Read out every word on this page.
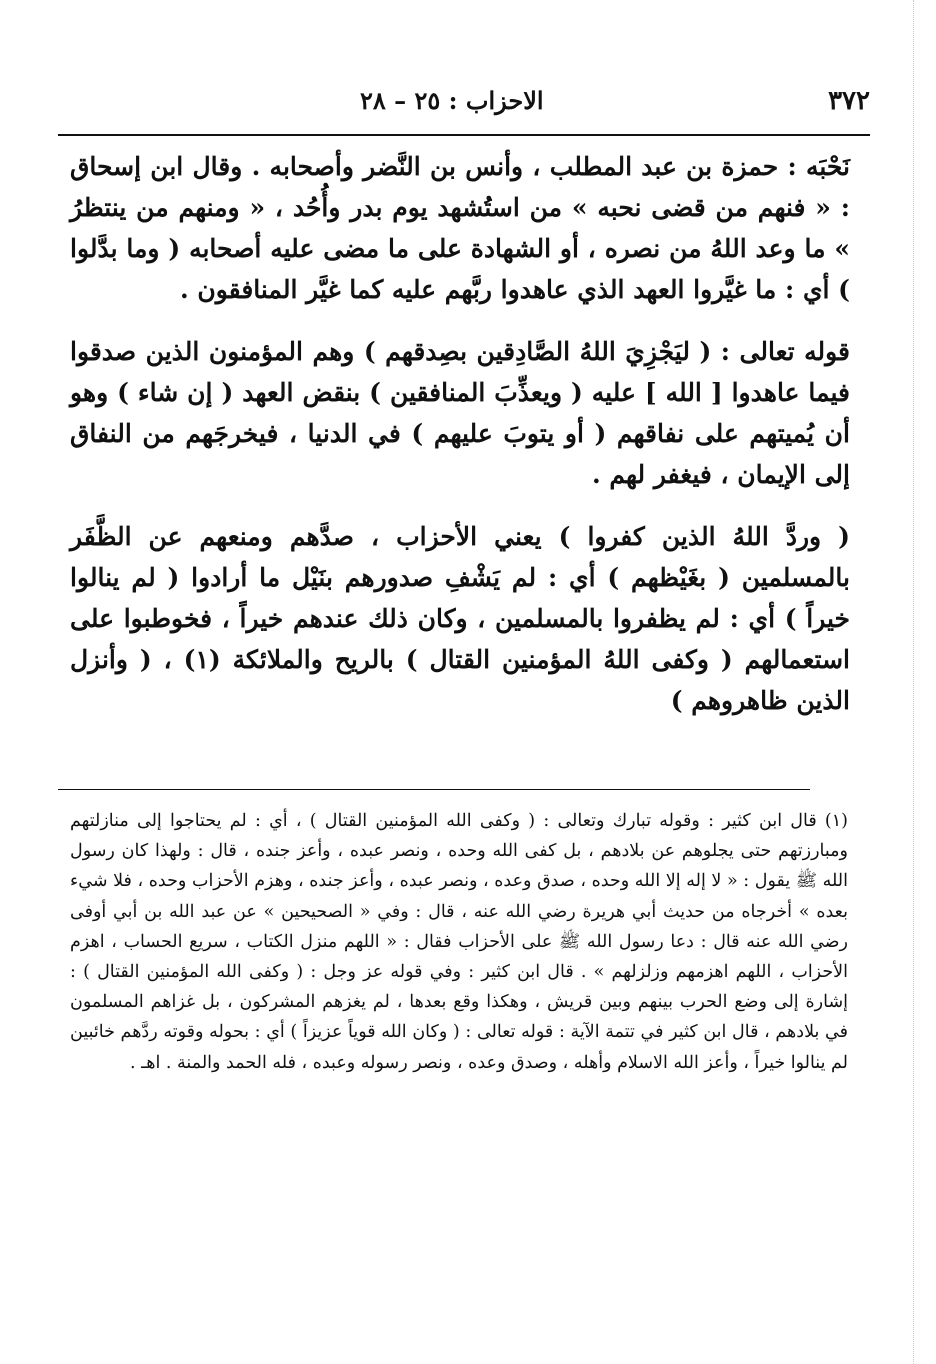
٣٧٢
الاحزاب : ٢٥ – ٢٨

نَحْبَه : حمزة بن عبد المطلب ، وأنس بن النَّضر وأصحابه . وقال ابن إسحاق : « فنهم من قضى نحبه » من استُشهد يوم بدر وأُحُد ، « ومنهم من ينتظرُ » ما وعد اللهُ من نصره ، أو الشهادة على ما مضى عليه أصحابه ( وما بدَّلوا ) أي : ما غيَّروا العهد الذي عاهدوا ربَّهم عليه كما غيَّر المنافقون .

قوله تعالى : ( ليَجْزِيَ اللهُ الصَّادِقين بصِدقهم ) وهم المؤمنون الذين صدقوا فيما عاهدوا [ الله ] عليه ( ويعذِّبَ المنافقين ) بنقض العهد ( إن شاء ) وهو أن يُميتهم على نفاقهم ( أو يتوبَ عليهم ) في الدنيا ، فيخرجَهم من النفاق إلى الإيمان ، فيغفر لهم .

( وردَّ اللهُ الذين كفروا ) يعني الأحزاب ، صدَّهم ومنعهم عن الظَّفَر بالمسلمين ( بغَيْظهم ) أي : لم يَشْفِ صدورهم بنَيْل ما أرادوا ( لم ينالوا خيراً ) أي : لم يظفروا بالمسلمين ، وكان ذلك عندهم خيراً ، فخوطبوا على استعمالهم ( وكفى اللهُ المؤمنين القتال ) بالريح والملائكة (١) ، ( وأنزل الذين ظاهروهم )

(١) قال ابن كثير : وقوله تبارك وتعالى : ( وكفى الله المؤمنين القتال ) ، أي : لم يحتاجوا إلى منازلتهم ومبارزتهم حتى يجلوهم عن بلادهم ، بل كفى الله وحده ، ونصر عبده ، وأعز جنده ، قال : ولهذا كان رسول الله ﷺ يقول : « لا إله إلا الله وحده ، صدق وعده ، ونصر عبده ، وأعز جنده ، وهزم الأحزاب وحده ، فلا شيء بعده » أخرجاه من حديث أبي هريرة رضي الله عنه ، قال : وفي « الصحيحين » عن عبد الله بن أبي أوفى رضي الله عنه قال : دعا رسول الله ﷺ على الأحزاب فقال : « اللهم منزل الكتاب ، سريع الحساب ، اهزم الأحزاب ، اللهم اهزمهم وزلزلهم » . قال ابن كثير : وفي قوله عز وجل : ( وكفى الله المؤمنين القتال ) : إشارة إلى وضع الحرب بينهم وبين قريش ، وهكذا وقع بعدها ، لم يغزهم المشركون ، بل غزاهم المسلمون في بلادهم ، قال ابن كثير في تتمة الآية : قوله تعالى : ( وكان الله قوياً عزيزاً ) أي : بحوله وقوته ردَّهم خائبين لم ينالوا خيراً ، وأعز الله الاسلام وأهله ، وصدق وعده ، ونصر رسوله وعبده ، فله الحمد والمنة . اهـ .
